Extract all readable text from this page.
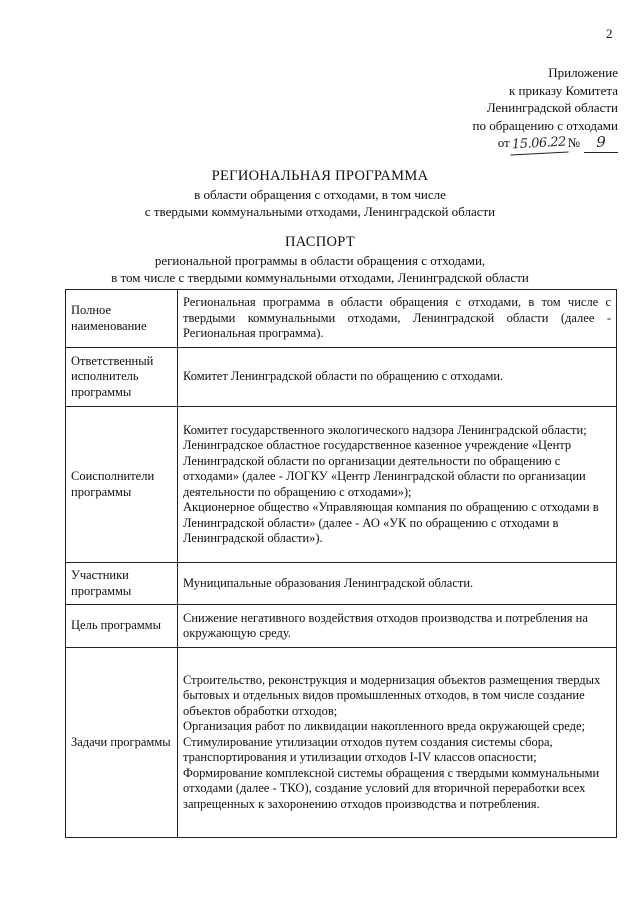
2
Приложение
к приказу Комитета
Ленинградской области
по обращению с отходами
от 15.06.22 №	9
РЕГИОНАЛЬНАЯ ПРОГРАММА
в области обращения с отходами, в том числе
с твердыми коммунальными отходами, Ленинградской области
ПАСПОРТ
региональной программы в области обращения с отходами,
в том числе с твердыми коммунальными отходами, Ленинградской области
Полное наименование	Региональная программа в области обращения с отходами, в том числе с твердыми коммунальными отходами, Ленинградской области (далее - Региональная программа).
Ответственный исполнитель программы	Комитет Ленинградской области по обращению с отходами.
Соисполнители программы	Комитет государственного экологического надзора Ленинградской области;
Ленинградское областное государственное казенное учреждение «Центр Ленинградской области по организации деятельности по обращению с отходами» (далее - ЛОГКУ «Центр Ленинградской области по организации деятельности по обращению с отходами»);
Акционерное общество «Управляющая компания по обращению с отходами в Ленинградской области» (далее - АО «УК по обращению с отходами в Ленинградской области»).

Участники программы	Муниципальные образования Ленинградской области.
Цель программы	Снижение негативного воздействия отходов производства и потребления на окружающую среду.
Задачи программы	Строительство, реконструкция и модернизация объектов размещения твердых бытовых и отдельных видов промышленных отходов, в том числе создание объектов обработки отходов;
Организация работ по ликвидации накопленного вреда окружающей среде;
Стимулирование утилизации отходов путем создания системы сбора, транспортирования и утилизации отходов I-IV классов опасности;
Формирование комплексной системы обращения с твердыми коммунальными отходами (далее - ТКО), создание условий для вторичной переработки всех запрещенных к захоронению отходов производства и потребления.
